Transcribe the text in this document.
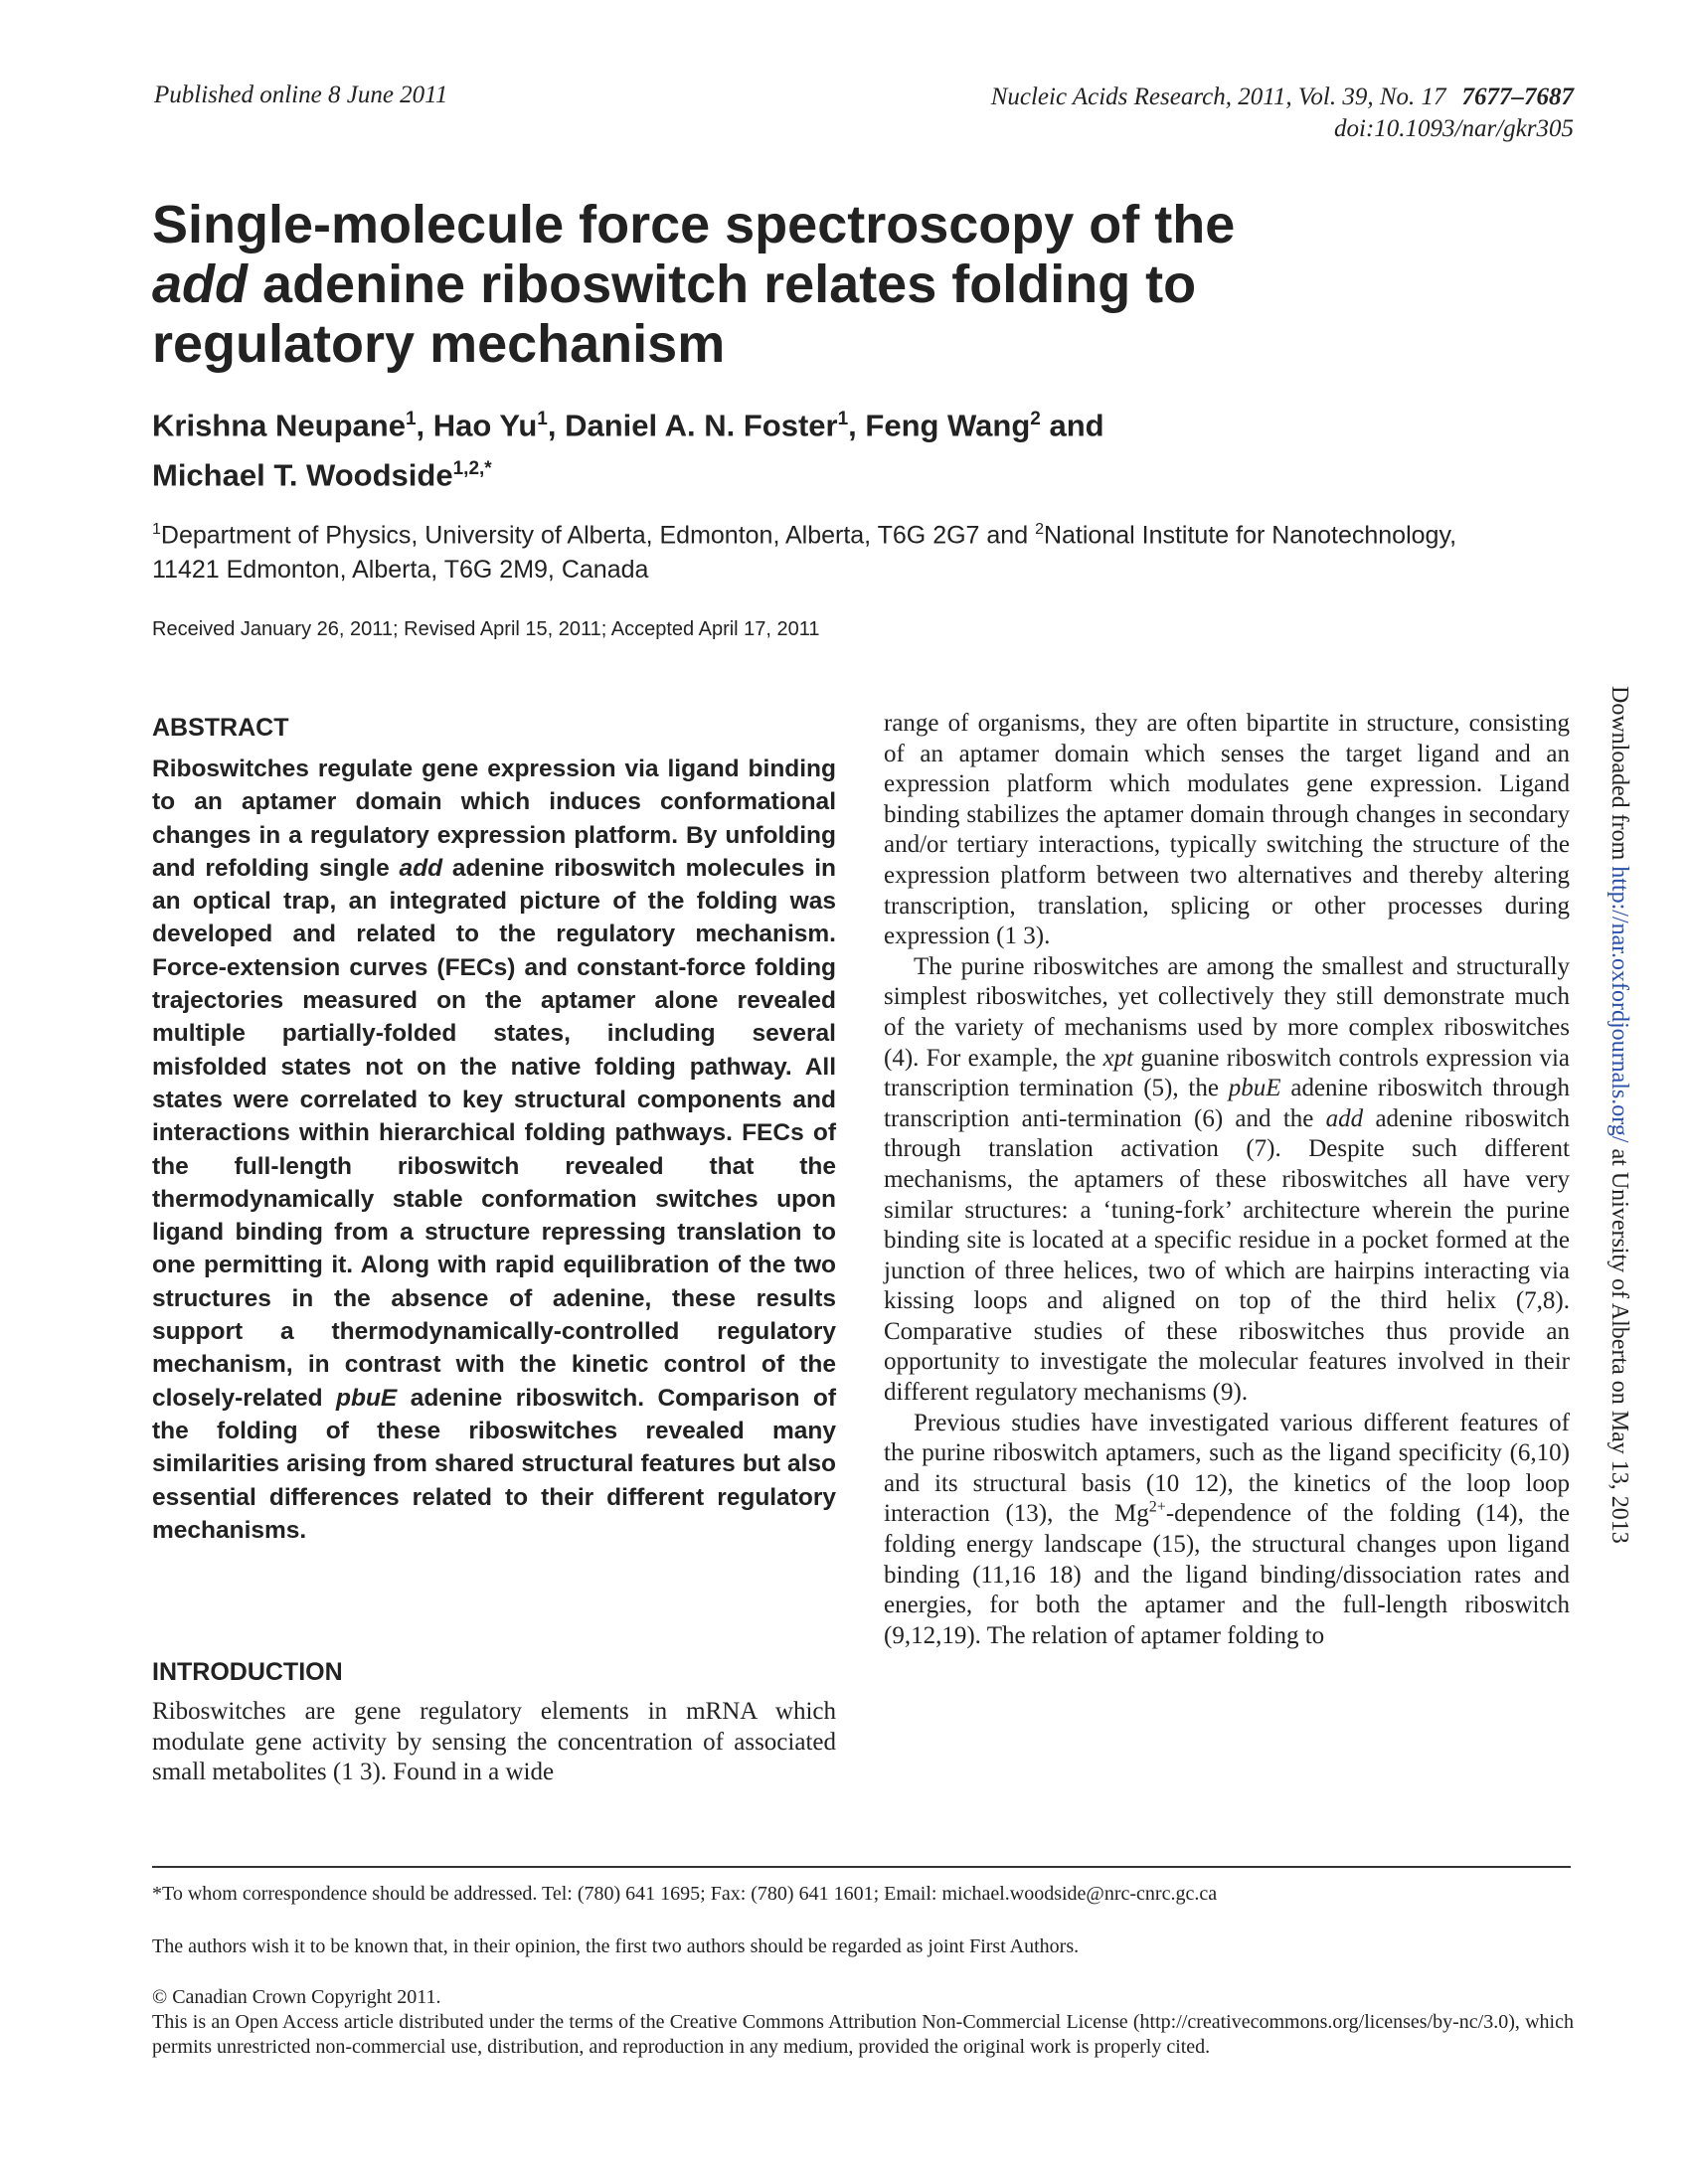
Published online 8 June 2011	Nucleic Acids Research, 2011, Vol. 39, No. 17 7677–7687
doi:10.1093/nar/gkr305
Single-molecule force spectroscopy of the
add adenine riboswitch relates folding to regulatory mechanism

Krishna Neupane$^1$, Hao Yu$^1$, Daniel A. N. Foster$^1$, Feng Wang$^2$ and
Michael T. Woodside$^{1,2,*}$

$^1$Department of Physics, University of Alberta, Edmonton, Alberta, T6G 2G7 and $^2$National Institute for Nanotechnology, 11421 Edmonton, Alberta, T6G 2M9, Canada

Received January 26, 2011; Revised April 15, 2011; Accepted April 17, 2011
ABSTRACT

Riboswitches regulate gene expression via ligand binding to an aptamer domain which induces conformational changes in a regulatory expression platform. By unfolding and refolding single add adenine riboswitch molecules in an optical trap, an integrated picture of the folding was developed and related to the regulatory mechanism. Force-extension curves (FECs) and constant-force folding trajectories measured on the aptamer alone revealed multiple partially-folded states, including several misfolded states not on the native folding pathway. All states were correlated to key structural components and interactions within hierarchical folding pathways. FECs of the full-length riboswitch revealed that the thermodynamically stable conformation switches upon ligand binding from a structure repressing translation to one permitting it. Along with rapid equilibration of the two structures in the absence of adenine, these results support a thermodynamically-controlled regulatory mechanism, in contrast with the kinetic control of the closely-related pbuE adenine riboswitch. Comparison of the folding of these riboswitches revealed many similarities arising from shared structural features but also essential differences related to their different regulatory mechanisms.

INTRODUCTION

Riboswitches are gene regulatory elements in mRNA which modulate gene activity by sensing the concentration of associated small metabolites (1 3). Found in a wide

range of organisms, they are often bipartite in structure, consisting of an aptamer domain which senses the target ligand and an expression platform which modulates gene expression. Ligand binding stabilizes the aptamer domain through changes in secondary and/or tertiary interactions, typically switching the structure of the expression platform between two alternatives and thereby altering transcription, translation, splicing or other processes during expression (1 3).

The purine riboswitches are among the smallest and structurally simplest riboswitches, yet collectively they still demonstrate much of the variety of mechanisms used by more complex riboswitches (4). For example, the xpt guanine riboswitch controls expression via transcription termination (5), the pbuE adenine riboswitch through transcription anti-termination (6) and the add adenine riboswitch through translation activation (7). Despite such different mechanisms, the aptamers of these riboswitches all have very similar structures: a ‘tuning-fork’ architecture wherein the purine binding site is located at a specific residue in a pocket formed at the junction of three helices, two of which are hairpins interacting via kissing loops and aligned on top of the third helix (7,8). Comparative studies of these riboswitches thus provide an opportunity to investigate the molecular features involved in their different regulatory mechanisms (9).

Previous studies have investigated various different features of the purine riboswitch aptamers, such as the ligand specificity (6,10) and its structural basis (10 12), the kinetics of the loop loop interaction (13), the $Mg^{2+}$-dependence of the folding (14), the folding energy landscape (15), the structural changes upon ligand binding (11,16 18) and the ligand binding/dissociation rates and energies, for both the aptamer and the full-length riboswitch (9,12,19). The relation of aptamer folding to

*To whom correspondence should be addressed. Tel: (780) 641 1695; Fax: (780) 641 1601; Email: michael.woodside@nrc-cnrc.gc.ca

The authors wish it to be known that, in their opinion, the first two authors should be regarded as joint First Authors.

© Canadian Crown Copyright 2011.

This is an Open Access article distributed under the terms of the Creative Commons Attribution Non-Commercial License (http://creativecommons.org/licenses/by-nc/3.0), which permits unrestricted non-commercial use, distribution, and reproduction in any medium, provided the original work is properly cited.

Downloaded from http://nar.oxfordjournals.org/ at University of Alberta on May 13, 2013
